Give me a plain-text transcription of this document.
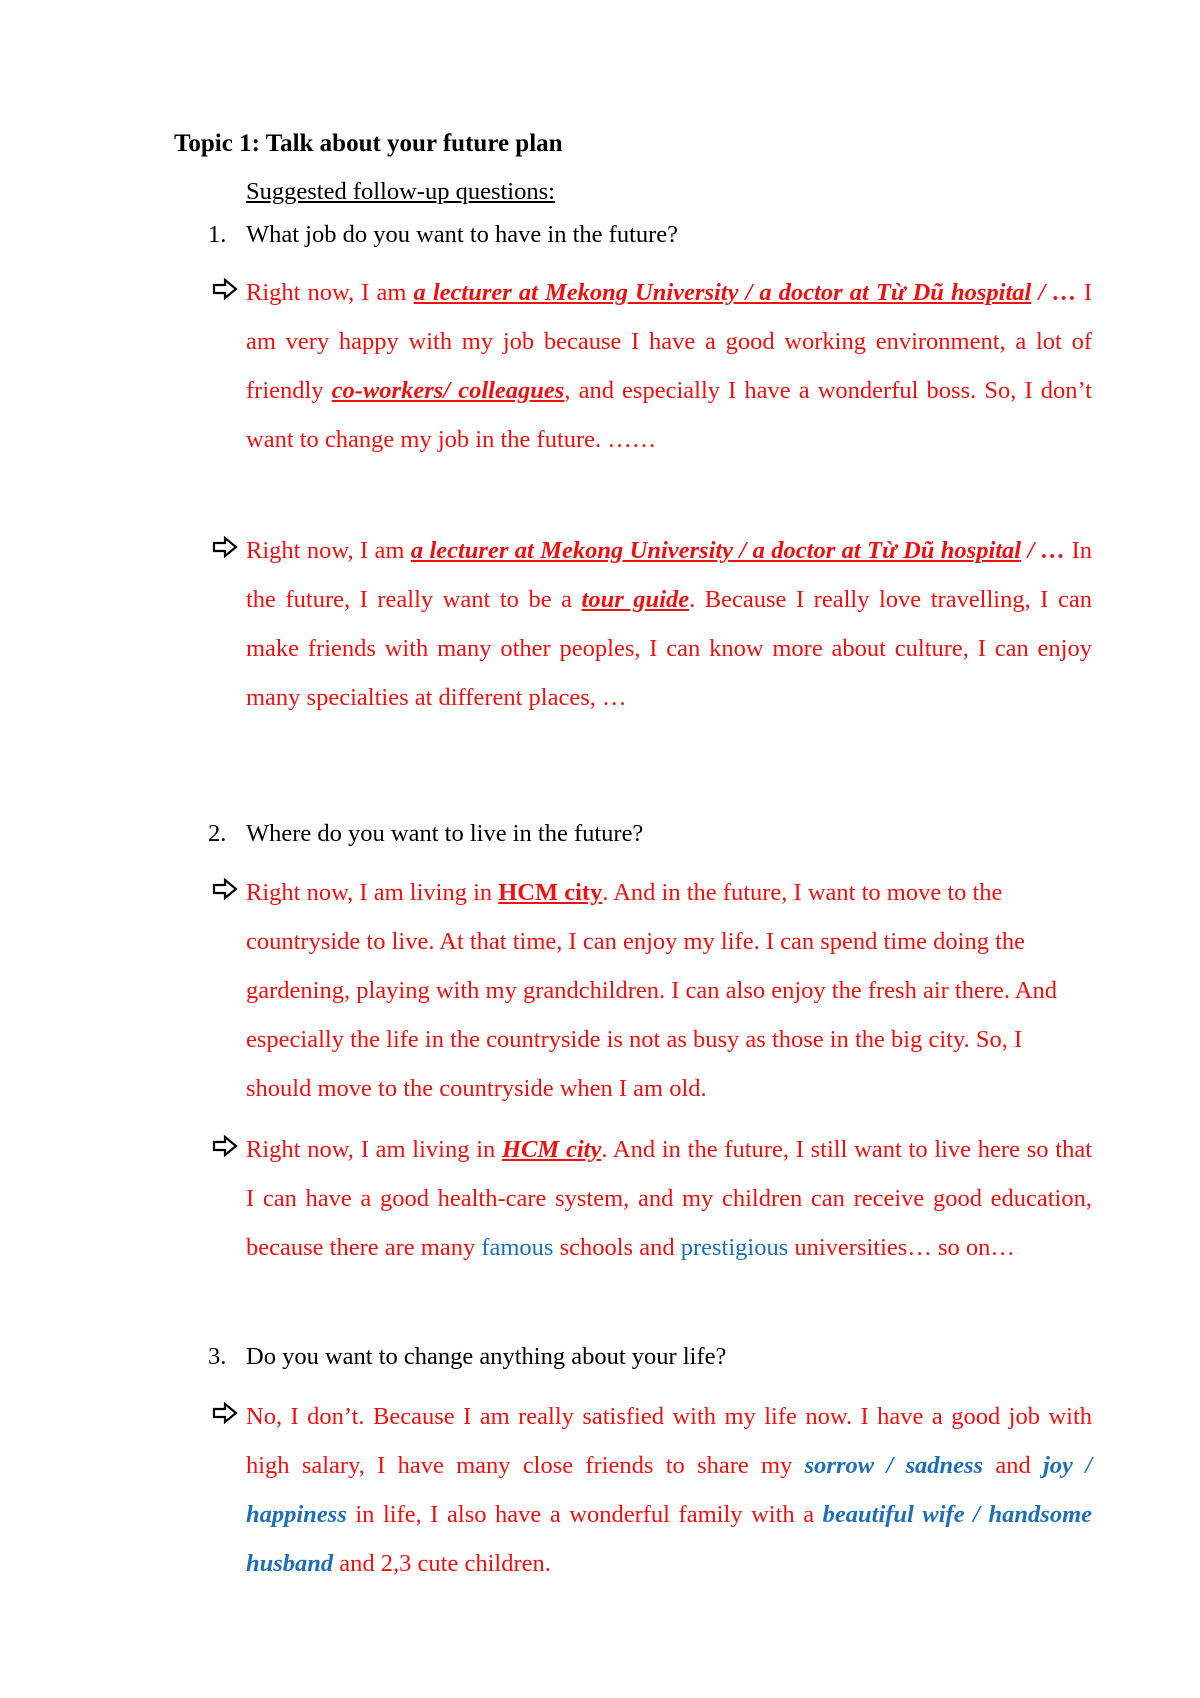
Topic 1: Talk about your future plan
Suggested follow-up questions:
1. What job do you want to have in the future?
Right now, I am a lecturer at Mekong University / a doctor at Từ Dũ hospital / … I am very happy with my job because I have a good working environment, a lot of friendly co-workers/ colleagues, and especially I have a wonderful boss. So, I don’t want to change my job in the future. ……
Right now, I am a lecturer at Mekong University / a doctor at Từ Dũ hospital / … In the future, I really want to be a tour guide. Because I really love travelling, I can make friends with many other peoples, I can know more about culture, I can enjoy many specialties at different places, …
2. Where do you want to live in the future?
Right now, I am living in HCM city. And in the future, I want to move to the countryside to live. At that time, I can enjoy my life. I can spend time doing the gardening, playing with my grandchildren. I can also enjoy the fresh air there. And especially the life in the countryside is not as busy as those in the big city. So, I should move to the countryside when I am old.
Right now, I am living in HCM city. And in the future, I still want to live here so that I can have a good health-care system, and my children can receive good education, because there are many famous schools and prestigious universities… so on…
3. Do you want to change anything about your life?
No, I don’t. Because I am really satisfied with my life now. I have a good job with high salary, I have many close friends to share my sorrow / sadness and joy / happiness in life, I also have a wonderful family with a beautiful wife / handsome husband and 2,3 cute children.
